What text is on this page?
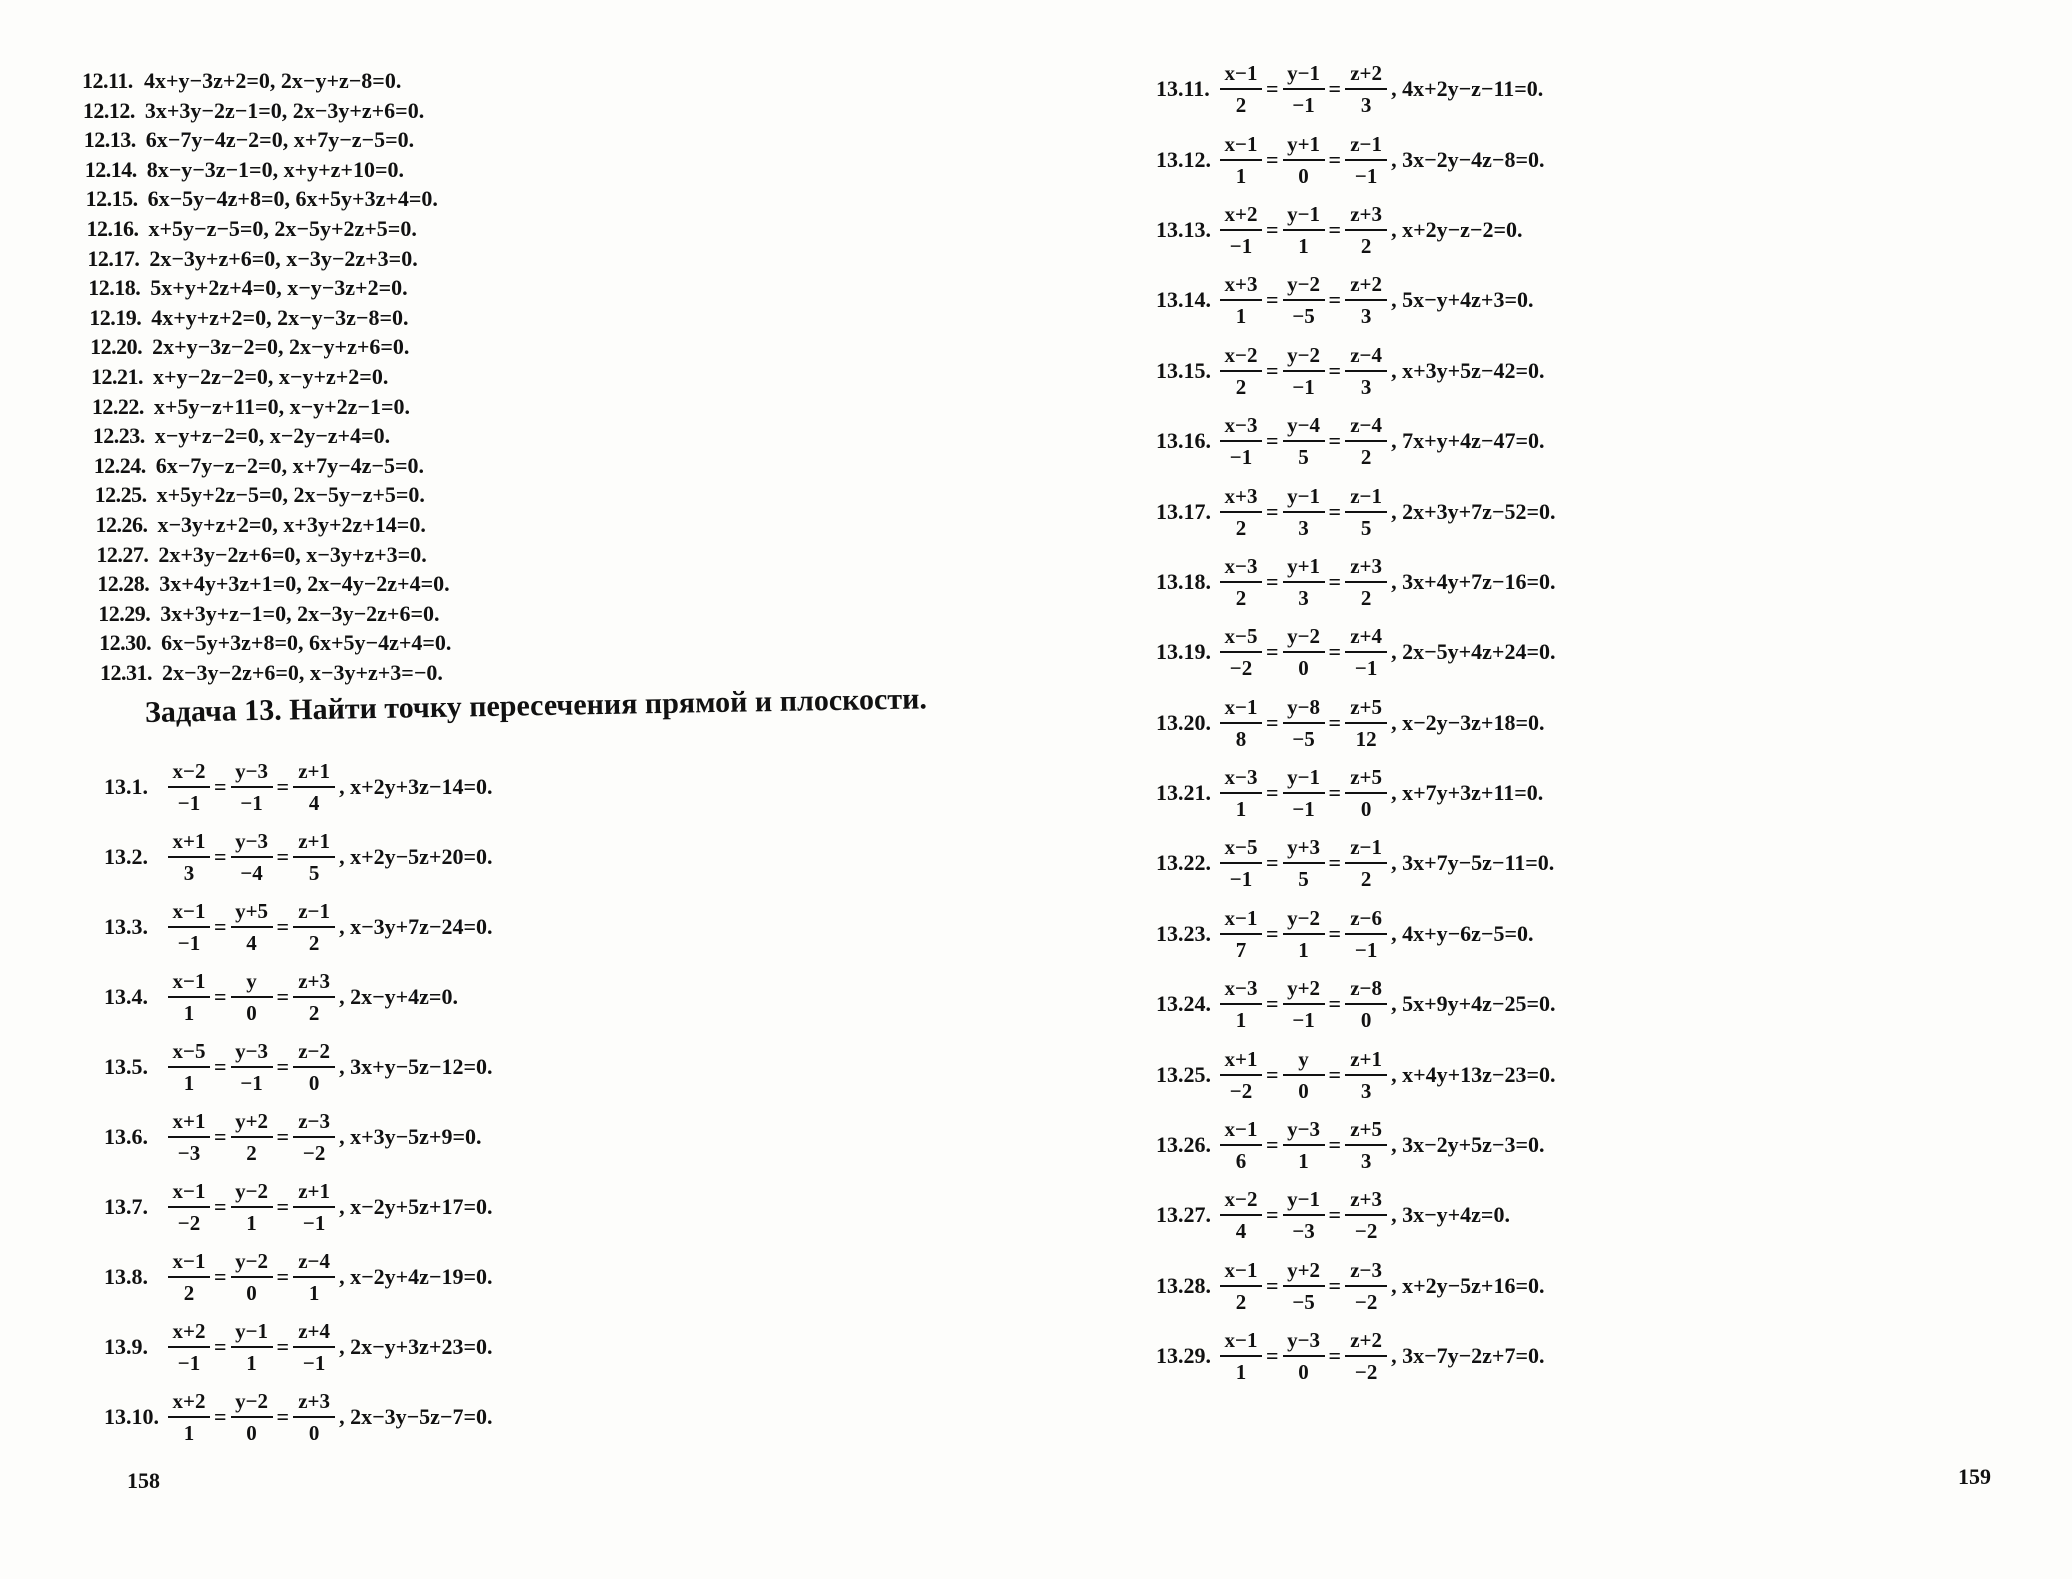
12.11. 4x+y−3z+2=0, 2x−y+z−8=0.
12.12. 3x+3y−2z−1=0, 2x−3y+z+6=0.
12.13. 6x−7y−4z−2=0, x+7y−z−5=0.
12.14. 8x−y−3z−1=0, x+y+z+10=0.
12.15. 6x−5y−4z+8=0, 6x+5y+3z+4=0.
12.16. x+5y−z−5=0, 2x−5y+2z+5=0.
12.17. 2x−3y+z+6=0, x−3y−2z+3=0.
12.18. 5x+y+2z+4=0, x−y−3z+2=0.
12.19. 4x+y+z+2=0, 2x−y−3z−8=0.
12.20. 2x+y−3z−2=0, 2x−y+z+6=0.
12.21. x+y−2z−2=0, x−y+z+2=0.
12.22. x+5y−z+11=0, x−y+2z−1=0.
12.23. x−y+z−2=0, x−2y−z+4=0.
12.24. 6x−7y−z−2=0, x+7y−4z−5=0.
12.25. x+5y+2z−5=0, 2x−5y−z+5=0.
12.26. x−3y+z+2=0, x+3y+2z+14=0.
12.27. 2x+3y−2z+6=0, x−3y+z+3=0.
12.28. 3x+4y+3z+1=0, 2x−4y−2z+4=0.
12.29. 3x+3y+z−1=0, 2x−3y−2z+6=0.
12.30. 6x−5y+3z+8=0, 6x+5y−4z+4=0.
12.31. 2x−3y−2z+6=0, x−3y+z+3=−0.
Задача 13. Найти точку пересечения прямой и плоскости.
13.1. $\frac{x-2}{-1} = \frac{y-3}{-1} = \frac{z+1}{4}$ , x+2y+3z−14=0.
13.2. $\frac{x+1}{3} = \frac{y-3}{-4} = \frac{z+1}{5}$ , x+2y−5z+20=0.
13.3. $\frac{x-1}{-1} = \frac{y+5}{4} = \frac{z-1}{2}$ , x−3y+7z−24=0.
13.4. $\frac{x-1}{1} = \frac{y}{0} = \frac{z+3}{2}$ , 2x−y+4z=0.
13.5. $\frac{x-5}{1} = \frac{y-3}{-1} = \frac{z-2}{0}$ , 3x+y−5z−12=0.
13.6. $\frac{x+1}{-3} = \frac{y+2}{2} = \frac{z-3}{-2}$ , x+3y−5z+9=0.
13.7. $\frac{x-1}{-2} = \frac{y-2}{1} = \frac{z+1}{-1}$ , x−2y+5z+17=0.
13.8. $\frac{x-1}{2} = \frac{y-2}{0} = \frac{z-4}{1}$ , x−2y+4z−19=0.
13.9. $\frac{x+2}{-1} = \frac{y-1}{1} = \frac{z+4}{-1}$ , 2x−y+3z+23=0.
13.10. $\frac{x+2}{1} = \frac{y-2}{0} = \frac{z+3}{0}$ , 2x−3y−5z−7=0.
158
13.11. $\frac{x-1}{2} = \frac{y-1}{-1} = \frac{z+2}{3}$ , 4x+2y−z−11=0.
13.12. $\frac{x-1}{1} = \frac{y+1}{0} = \frac{z-1}{-1}$ , 3x−2y−4z−8=0.
13.13. $\frac{x+2}{-1} = \frac{y-1}{1} = \frac{z+3}{2}$ , x+2y−z−2=0.
13.14. $\frac{x+3}{1} = \frac{y-2}{-5} = \frac{z+2}{3}$ , 5x−y+4z+3=0.
13.15. $\frac{x-2}{2} = \frac{y-2}{-1} = \frac{z-4}{3}$ , x+3y+5z−42=0.
13.16. $\frac{x-3}{-1} = \frac{y-4}{5} = \frac{z-4}{2}$ , 7x+y+4z−47=0.
13.17. $\frac{x+3}{2} = \frac{y-1}{3} = \frac{z-1}{5}$ , 2x+3y+7z−52=0.
13.18. $\frac{x-3}{2} = \frac{y+1}{3} = \frac{z+3}{2}$ , 3x+4y+7z−16=0.
13.19. $\frac{x-5}{-2} = \frac{y-2}{0} = \frac{z+4}{-1}$ , 2x−5y+4z+24=0.
13.20. $\frac{x-1}{8} = \frac{y-8}{-5} = \frac{z+5}{12}$ , x−2y−3z+18=0.
13.21. $\frac{x-3}{1} = \frac{y-1}{-1} = \frac{z+5}{0}$ , x+7y+3z+11=0.
13.22. $\frac{x-5}{-1} = \frac{y+3}{5} = \frac{z-1}{2}$ , 3x+7y−5z−11=0.
13.23. $\frac{x-1}{7} = \frac{y-2}{1} = \frac{z-6}{-1}$ , 4x+y−6z−5=0.
13.24. $\frac{x-3}{1} = \frac{y+2}{-1} = \frac{z-8}{0}$ , 5x+9y+4z−25=0.
13.25. $\frac{x+1}{-2} = \frac{y}{0} = \frac{z+1}{3}$ , x+4y+13z−23=0.
13.26. $\frac{x-1}{6} = \frac{y-3}{1} = \frac{z+5}{3}$ , 3x−2y+5z−3=0.
13.27. $\frac{x-2}{4} = \frac{y-1}{-3} = \frac{z+3}{-2}$ , 3x−y+4z=0.
13.28. $\frac{x-1}{2} = \frac{y+2}{-5} = \frac{z-3}{-2}$ , x+2y−5z+16=0.
13.29. $\frac{x-1}{1} = \frac{y-3}{0} = \frac{z+2}{-2}$ , 3x−7y−2z+7=0.
159
